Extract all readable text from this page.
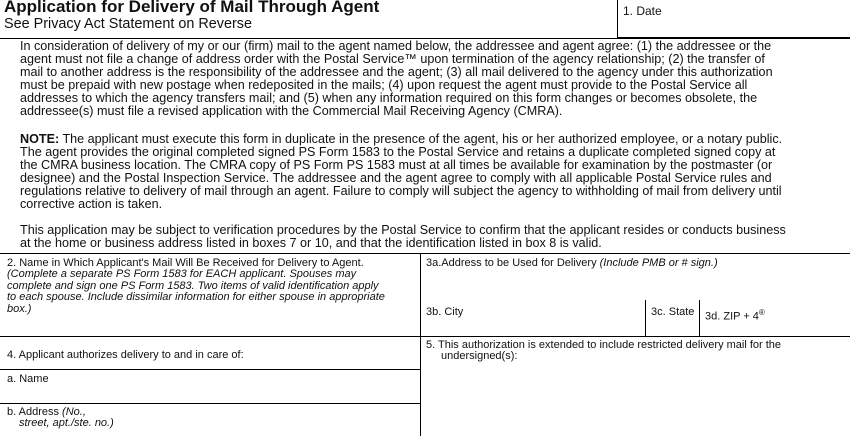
Application for Delivery of Mail Through Agent
See Privacy Act Statement on Reverse
1. Date
In consideration of delivery of my or our (firm) mail to the agent named below, the addressee and agent agree: (1) the addressee or the
agent must not file a change of address order with the Postal Service™ upon termination of the agency relationship; (2) the transfer of
mail to another address is the responsibility of the addressee and the agent; (3) all mail delivered to the agency under this authorization
must be prepaid with new postage when redeposited in the mails; (4) upon request the agent must provide to the Postal Service all
addresses to which the agency transfers mail; and (5) when any information required on this form changes or becomes obsolete, the
addressee(s) must file a revised application with the Commercial Mail Receiving Agency (CMRA).
NOTE: The applicant must execute this form in duplicate in the presence of the agent, his or her authorized employee, or a notary public.
The agent provides the original completed signed PS Form 1583 to the Postal Service and retains a duplicate completed signed copy at
the CMRA business location. The CMRA copy of PS Form PS 1583 must at all times be available for examination by the postmaster (or
designee) and the Postal Inspection Service. The addressee and the agent agree to comply with all applicable Postal Service rules and
regulations relative to delivery of mail through an agent. Failure to comply will subject the agency to withholding of mail from delivery until
corrective action is taken.
This application may be subject to verification procedures by the Postal Service to confirm that the applicant resides or conducts business
at the home or business address listed in boxes 7 or 10, and that the identification listed in box 8 is valid.
2. Name in Which Applicant's Mail Will Be Received for Delivery to Agent.
(Complete a separate PS Form 1583 for EACH applicant. Spouses may
complete and sign one PS Form 1583. Two items of valid identification apply
to each spouse. Include dissimilar information for either spouse in appropriate
box.)
3a.Address to be Used for Delivery (Include PMB or # sign.)
3b. City	3c. State 3d. ZIP + 4®
4. Applicant authorizes delivery to and in care of:
a. Name
b. Address (No.,
street, apt./ste. no.)
5. This authorization is extended to include restricted delivery mail for the
undersigned(s):
